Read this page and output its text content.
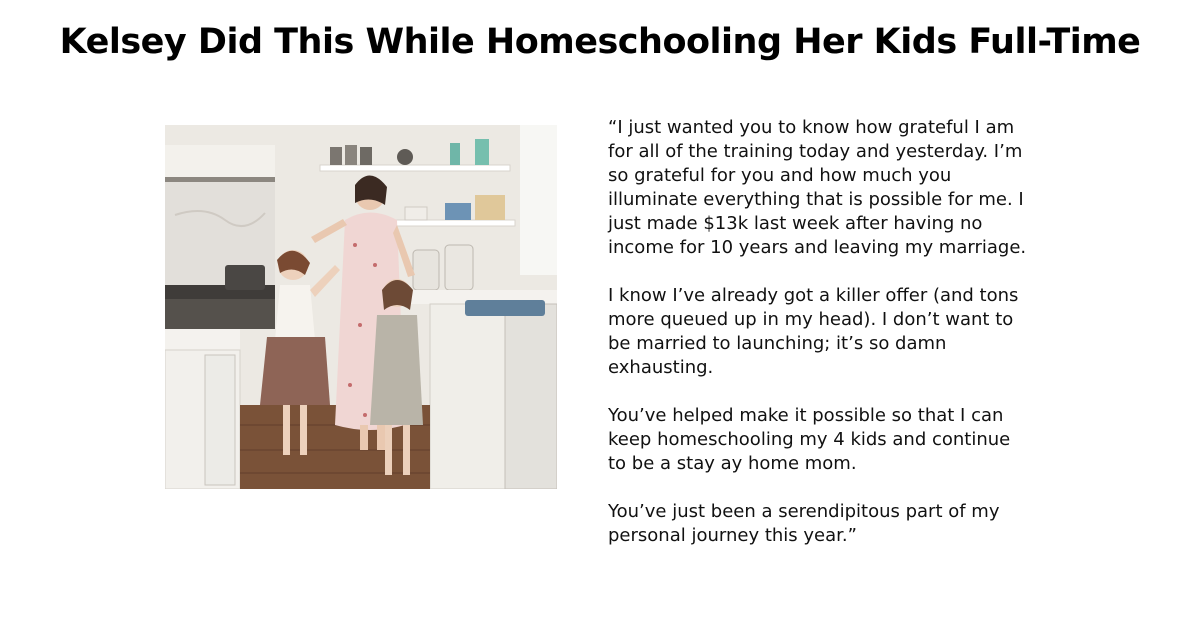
Kelsey Did This While Homeschooling Her Kids Full-Time

“I just wanted you to know how grateful I am for all of the training today and yesterday. I’m so grateful for you and how much you illuminate everything that is possible for me. I just made $13k last week after having no income for 10 years and leaving my marriage.

I know I’ve already got a killer offer (and tons more queued up in my head). I don’t want to be married to launching; it’s so damn exhausting.

You’ve helped make it possible so that I can keep homeschooling my 4 kids and continue to be a stay ay home mom.

You’ve just been a serendipitous part of my personal journey this year.”
